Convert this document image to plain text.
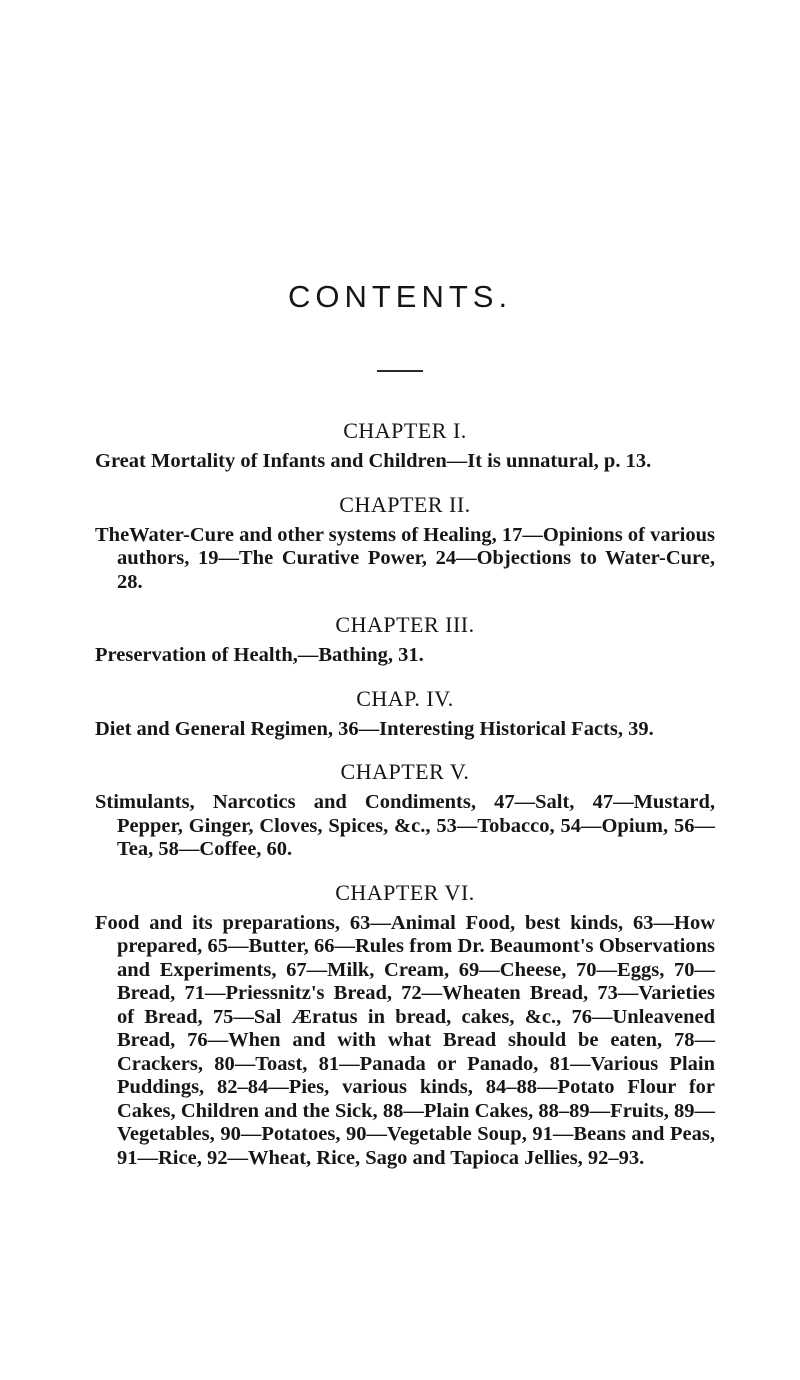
CONTENTS.
CHAPTER I.
Great Mortality of Infants and Children—It is unnatural, p. 13.
CHAPTER II.
TheWater-Cure and other systems of Healing, 17—Opinions of various authors, 19—The Curative Power, 24—Objections to Water-Cure, 28.
CHAPTER III.
Preservation of Health,—Bathing, 31.
CHAP. IV.
Diet and General Regimen, 36—Interesting Historical Facts, 39.
CHAPTER V.
Stimulants, Narcotics and Condiments, 47—Salt, 47—Mustard, Pepper, Ginger, Cloves, Spices, &c., 53—Tobacco, 54—Opium, 56—Tea, 58—Coffee, 60.
CHAPTER VI.
Food and its preparations, 63—Animal Food, best kinds, 63—How prepared, 65—Butter, 66—Rules from Dr. Beaumont's Observations and Experiments, 67—Milk, Cream, 69—Cheese, 70—Eggs, 70—Bread, 71—Priessnitz's Bread, 72—Wheaten Bread, 73—Varieties of Bread, 75—Sal Æratus in bread, cakes, &c., 76—Unleavened Bread, 76—When and with what Bread should be eaten, 78—Crackers, 80—Toast, 81—Panada or Panado, 81—Various Plain Puddings, 82–84—Pies, various kinds, 84–88—Potato Flour for Cakes, Children and the Sick, 88—Plain Cakes, 88–89—Fruits, 89—Vegetables, 90—Potatoes, 90—Vegetable Soup, 91—Beans and Peas, 91—Rice, 92—Wheat, Rice, Sago and Tapioca Jellies, 92–93.
